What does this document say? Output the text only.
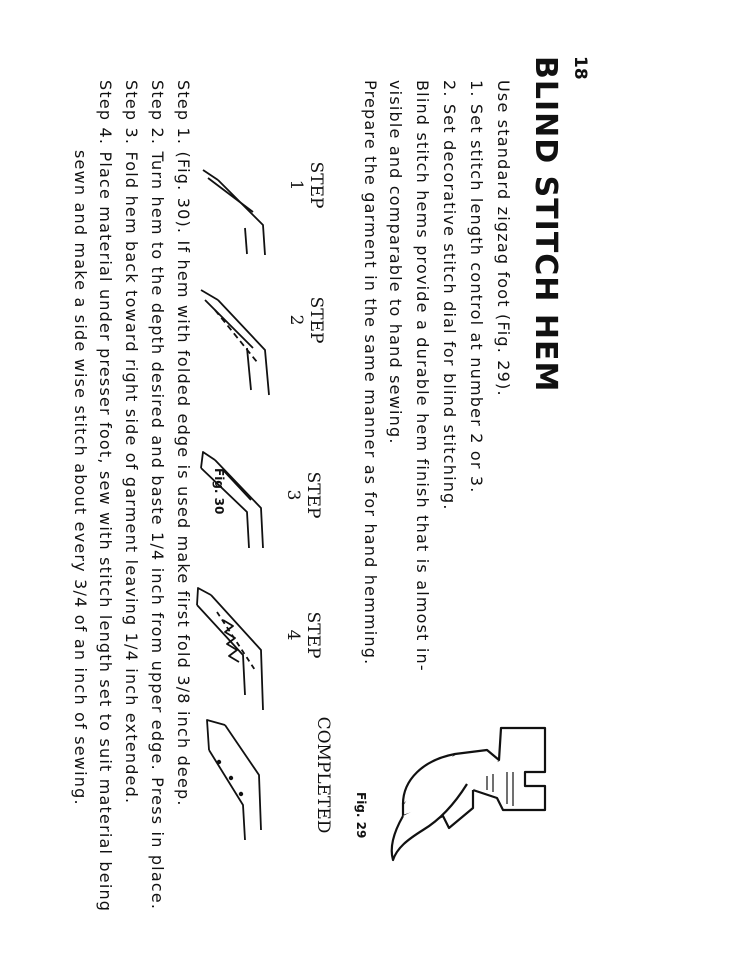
18
BLIND STITCH HEM
Use standard zigzag foot (Fig. 29).
1. Set stitch length control at number 2 or 3.
2. Set decorative stitch dial for blind stitching.
Blind stitch hems provide a durable hem finish that is almost in-
visible and comparable to hand sewing.
Prepare the garment in the same manner as for hand hemming.
Fig. 29
STEP
1
STEP
2
STEP
3
STEP
4
COMPLETED
Fig. 30
Step 1. (Fig. 30). If hem with folded edge is used make first fold 3/8 inch deep.
Step 2. Turn hem to the depth desired and baste 1/4 inch from upper edge. Press in place.
Step 3. Fold hem back toward right side of garment leaving 1/4 inch extended.
Step 4. Place material under presser foot, sew with stitch length set to suit material being
sewn and make a side wise stitch about every 3/4 of an inch of sewing.
